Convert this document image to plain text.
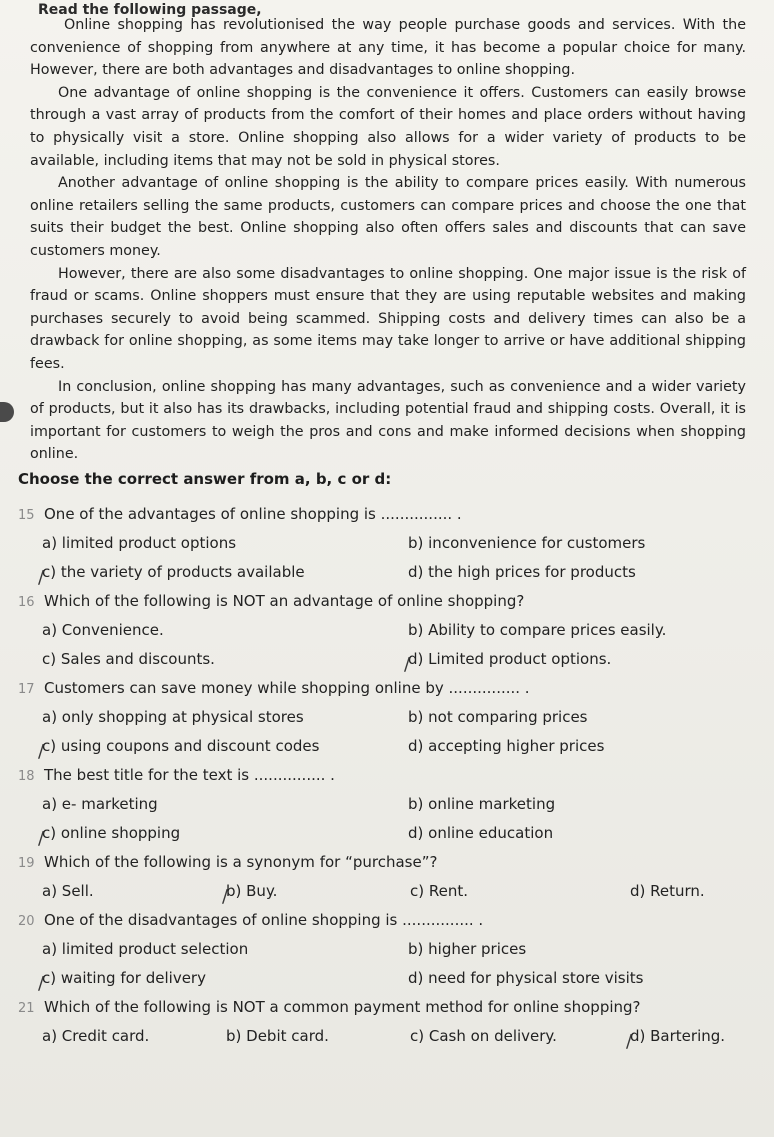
Read the following passage,

Online shopping has revolutionised the way people purchase goods and services. With the convenience of shopping from anywhere at any time, it has become a popular choice for many. However, there are both advantages and disadvantages to online shopping.

One advantage of online shopping is the convenience it offers. Customers can easily browse through a vast array of products from the comfort of their homes and place orders without having to physically visit a store. Online shopping also allows for a wider variety of products to be available, including items that may not be sold in physical stores.

Another advantage of online shopping is the ability to compare prices easily. With numerous online retailers selling the same products, customers can compare prices and choose the one that suits their budget the best. Online shopping also often offers sales and discounts that can save customers money.

However, there are also some disadvantages to online shopping. One major issue is the risk of fraud or scams. Online shoppers must ensure that they are using reputable websites and making purchases securely to avoid being scammed. Shipping costs and delivery times can also be a drawback for online shopping, as some items may take longer to arrive or have additional shipping fees.

In conclusion, online shopping has many advantages, such as convenience and a wider variety of products, but it also has its drawbacks, including potential fraud and shipping costs. Overall, it is important for customers to weigh the pros and cons and make informed decisions when shopping online.

Choose the correct answer from a, b, c or d:
15 One of the advantages of online shopping is ............... .
a) limited product options	b) inconvenience for customers
/
c) the variety of products available	d) the high prices for products
16 Which of the following is NOT an advantage of online shopping?
a) Convenience.	b) Ability to compare prices easily.
c) Sales and discounts.	/
d) Limited product options.
17 Customers can save money while shopping online by ............... .
a) only shopping at physical stores	b) not comparing prices
/
c) using coupons and discount codes	d) accepting higher prices
18 The best title for the text is ............... .
a) e- marketing	b) online marketing
/
c) online shopping	d) online education
19 Which of the following is a synonym for “purchase”?
a) Sell.	/
b) Buy.	c) Rent.	d) Return.
20 One of the disadvantages of online shopping is ............... .
a) limited product selection	b) higher prices
/
c) waiting for delivery	d) need for physical store visits
21 Which of the following is NOT a common payment method for online shopping?
a) Credit card.	b) Debit card.	c) Cash on delivery.	/
d) Bartering.
